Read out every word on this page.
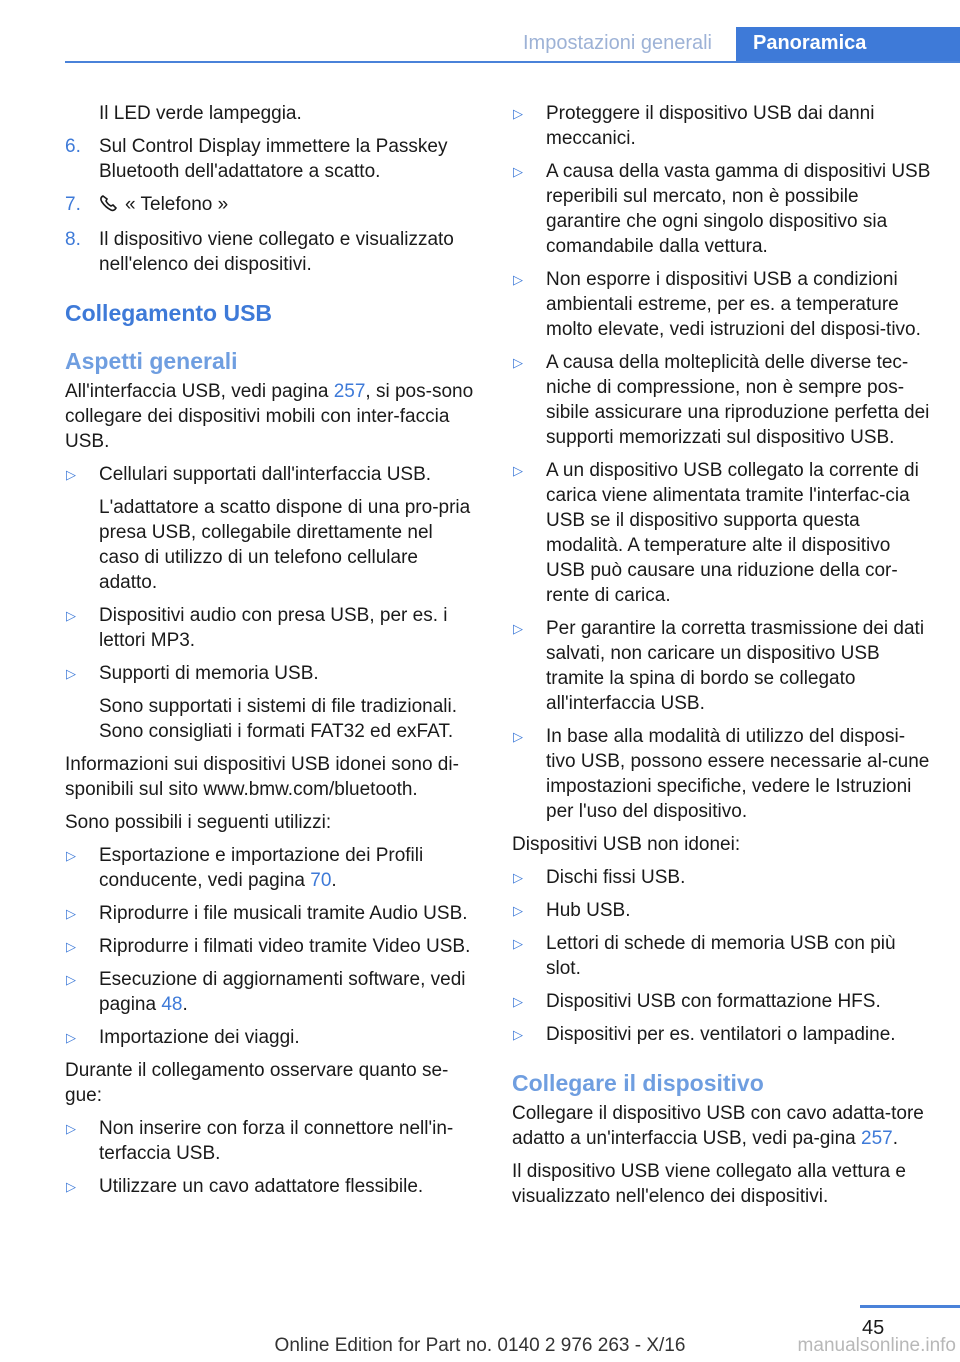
Impostazioni generali	Panoramica

Il LED verde lampeggia.

6. Sul Control Display immettere la Passkey Bluetooth dell'adattatore a scatto.
7.	« Telefono »
8. Il dispositivo viene collegato e visualizzato nell'elenco dei dispositivi.
Collegamento USB
Aspetti generali

All'interfaccia USB, vedi pagina 257, si pos-sono collegare dei dispositivi mobili con inter-faccia USB.

▷	Cellulari supportati dall'interfaccia USB.

L'adattatore a scatto dispone di una pro-pria presa USB, collegabile direttamente nel caso di utilizzo di un telefono cellulare adatto.

▷	Dispositivi audio con presa USB, per es. i lettori MP3.
▷	Supporti di memoria USB.

Sono supportati i sistemi di file tradizionali. Sono consigliati i formati FAT32 ed exFAT.

Informazioni sui dispositivi USB idonei sono di-sponibili sul sito www.bmw.com/bluetooth.

Sono possibili i seguenti utilizzi:

▷	Esportazione e importazione dei Profili conducente, vedi pagina 70.
▷	Riprodurre i file musicali tramite Audio USB.
▷	Riprodurre i filmati video tramite Video USB.
▷	Esecuzione di aggiornamenti software, vedi pagina 48.
▷	Importazione dei viaggi.

Durante il collegamento osservare quanto se-gue:

▷	Non inserire con forza il connettore nell'in-terfaccia USB.
▷	Utilizzare un cavo adattatore flessibile.
▷	Proteggere il dispositivo USB dai danni meccanici.
▷	A causa della vasta gamma di dispositivi USB reperibili sul mercato, non è possibile garantire che ogni singolo dispositivo sia comandabile dalla vettura.
▷	Non esporre i dispositivi USB a condizioni ambientali estreme, per es. a temperature molto elevate, vedi istruzioni del disposi-tivo.
▷	A causa della molteplicità delle diverse tec-niche di compressione, non è sempre pos-sibile assicurare una riproduzione perfetta dei supporti memorizzati sul dispositivo USB.
▷	A un dispositivo USB collegato la corrente di carica viene alimentata tramite l'interfac-cia USB se il dispositivo supporta questa modalità. A temperature alte il dispositivo USB può causare una riduzione della cor-rente di carica.
▷	Per garantire la corretta trasmissione dei dati salvati, non caricare un dispositivo USB tramite la spina di bordo se collegato all'interfaccia USB.
▷	In base alla modalità di utilizzo del disposi-tivo USB, possono essere necessarie al-cune impostazioni specifiche, vedere le Istruzioni per l'uso del dispositivo.

Dispositivi USB non idonei:

▷	Dischi fissi USB.
▷	Hub USB.
▷	Lettori di schede di memoria USB con più slot.
▷	Dispositivi USB con formattazione HFS.
▷	Dispositivi per es. ventilatori o lampadine.
Collegare il dispositivo

Collegare il dispositivo USB con cavo adatta-tore adatto a un'interfaccia USB, vedi pa-gina 257.

Il dispositivo USB viene collegato alla vettura e visualizzato nell'elenco dei dispositivi.

45
Online Edition for Part no. 0140 2 976 263 - X/16	manualsonline.info
